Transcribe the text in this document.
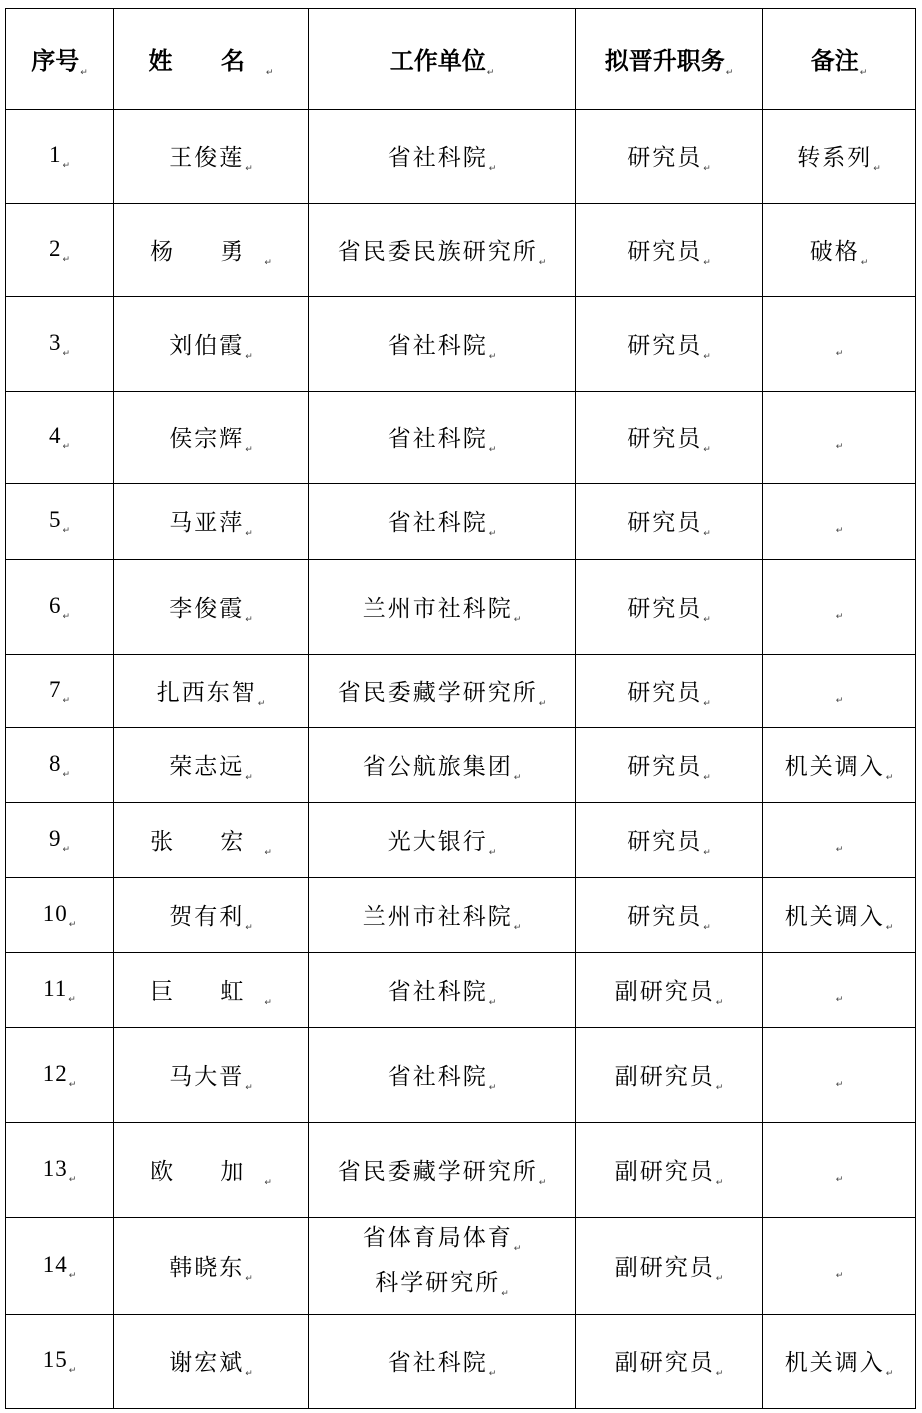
序号$_↵$	姓 名$_↵$	工作单位$_↵$	拟晋升职务$_↵$	备注$_↵$
$1_↵$	王俊莲$_↵$	省社科院$_↵$	研究员$_↵$	转系列$_↵$
$2_↵$	杨 勇$_↵$	省民委民族研究所$_↵$	研究员$_↵$	破格$_↵$
$3_↵$	刘伯霞$_↵$	省社科院$_↵$	研究员$_↵$	$_↵$
$4_↵$	侯宗辉$_↵$	省社科院$_↵$	研究员$_↵$	$_↵$
$5_↵$	马亚萍$_↵$	省社科院$_↵$	研究员$_↵$	$_↵$
$6_↵$	李俊霞$_↵$	兰州市社科院$_↵$	研究员$_↵$	$_↵$
$7_↵$	扎西东智$_↵$	省民委藏学研究所$_↵$	研究员$_↵$	$_↵$
$8_↵$	荣志远$_↵$	省公航旅集团$_↵$	研究员$_↵$	机关调入$_↵$
$9_↵$	张 宏$_↵$	光大银行$_↵$	研究员$_↵$	$_↵$
$10_↵$	贺有利$_↵$	兰州市社科院$_↵$	研究员$_↵$	机关调入$_↵$
$11_↵$	巨 虹$_↵$	省社科院$_↵$	副研究员$_↵$	$_↵$
$12_↵$	马大晋$_↵$	省社科院$_↵$	副研究员$_↵$	$_↵$
$13_↵$	欧 加$_↵$	省民委藏学研究所$_↵$	副研究员$_↵$	$_↵$
$14_↵$	韩晓东$_↵$	省体育局体育$_↵$
科学研究所$_↵$	副研究员$_↵$	$_↵$
$15_↵$	谢宏斌$_↵$	省社科院$_↵$	副研究员$_↵$	机关调入$_↵$
